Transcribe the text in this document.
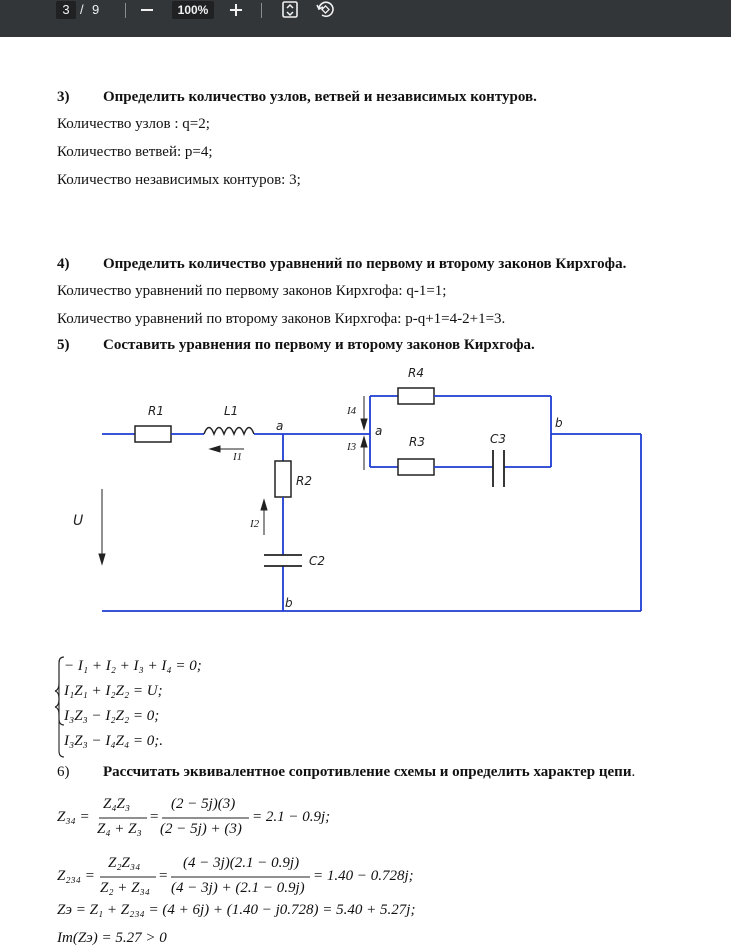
3 / 9	100%
3) Определить количество узлов, ветвей и независимых контуров.
Количество узлов : q=2;
Количество ветвей: p=4;
Количество независимых контуров: 3;
4) Определить количество уравнений по первому и второму законов Кирхгофа.
Количество уравнений по первому законов Кирхгофа: q-1=1;
Количество уравнений по второму законов Кирхгофа: p-q+1=4-2+1=3.
5) Составить уравнения по первому и второму законов Кирхгофа.
R1	L1
a
R2
C2
b
R4
R3	C3
a
b
U
I1
I2
I4
I3
− I₁ + I₂ + I₃ + I₄ = 0;
I₁Z₁ + I₂Z₂ = U;
I₃Z₃ − I₂Z₂ = 0;
I₃Z₃ − I₄Z₄ = 0;.
6) Рассчитать эквивалентное сопротивление схемы и определить характер цепи.
Z₃₄ =
Z₄Z₃
Z₄ + Z₃
=
(2 − 5j)(3)
(2 − 5j) + (3)
= 2.1 − 0.9j;
Z₂₃₄ =
Z₂Z₃₄
Z₂ + Z₃₄
=
(4 − 3j)(2.1 − 0.9j)
(4 − 3j) + (2.1 − 0.9j)
= 1.40 − 0.728j;
Zэ = Z₁ + Z₂₃₄ = (4 + 6j) + (1.40 − j0.728) = 5.40 + 5.27j;
Im(Zэ) = 5.27 > 0
